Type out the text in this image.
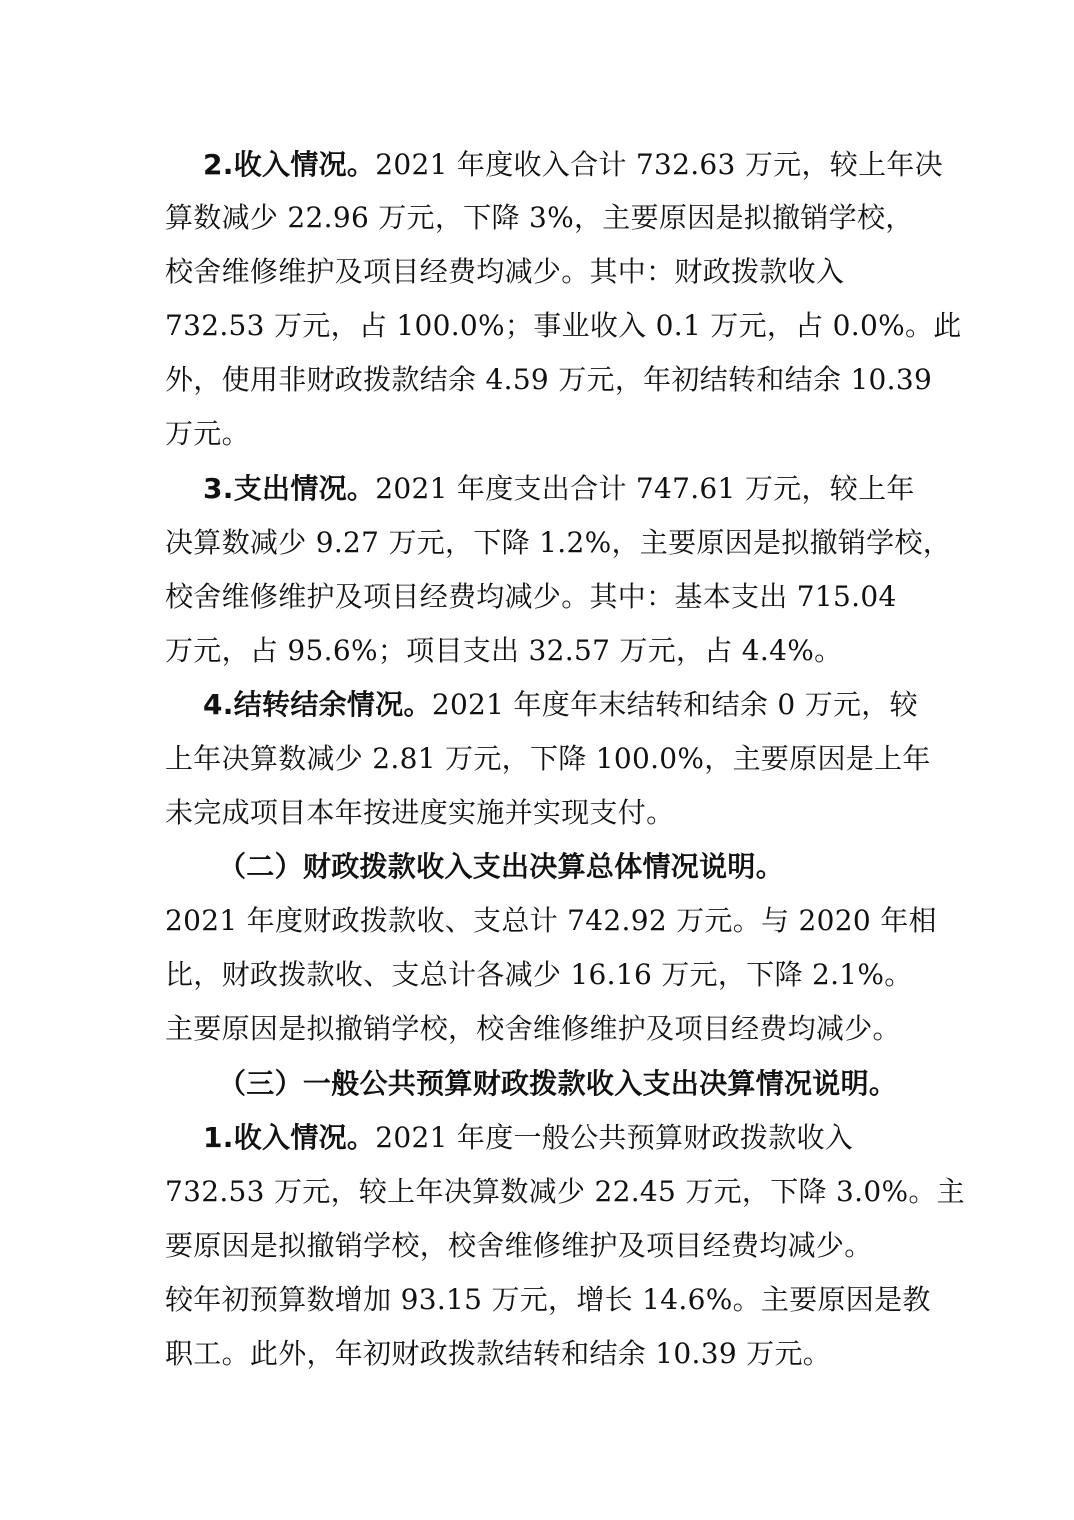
2.收入情况。2021 年度收入合计 732.63 万元，较上年决
算数减少 22.96 万元，下降 3%，主要原因是拟撤销学校，
校舍维修维护及项目经费均减少。其中：财政拨款收入
732.53 万元，占 100.0%；事业收入 0.1 万元，占 0.0%。此
外，使用非财政拨款结余 4.59 万元，年初结转和结余 10.39
万元。
3.支出情况。2021 年度支出合计 747.61 万元，较上年
决算数减少 9.27 万元，下降 1.2%，主要原因是拟撤销学校，
校舍维修维护及项目经费均减少。其中：基本支出 715.04
万元，占 95.6%；项目支出 32.57 万元，占 4.4%。
4.结转结余情况。2021 年度年末结转和结余 0 万元，较
上年决算数减少 2.81 万元，下降 100.0%，主要原因是上年
未完成项目本年按进度实施并实现支付。
（二）财政拨款收入支出决算总体情况说明。
2021 年度财政拨款收、支总计 742.92 万元。与 2020 年相
比，财政拨款收、支总计各减少 16.16 万元，下降 2.1%。
主要原因是拟撤销学校，校舍维修维护及项目经费均减少。
（三）一般公共预算财政拨款收入支出决算情况说明。
1.收入情况。2021 年度一般公共预算财政拨款收入
732.53 万元，较上年决算数减少 22.45 万元，下降 3.0%。主
要原因是拟撤销学校，校舍维修维护及项目经费均减少。
较年初预算数增加 93.15 万元，增长 14.6%。主要原因是教
职工。此外，年初财政拨款结转和结余 10.39 万元。
